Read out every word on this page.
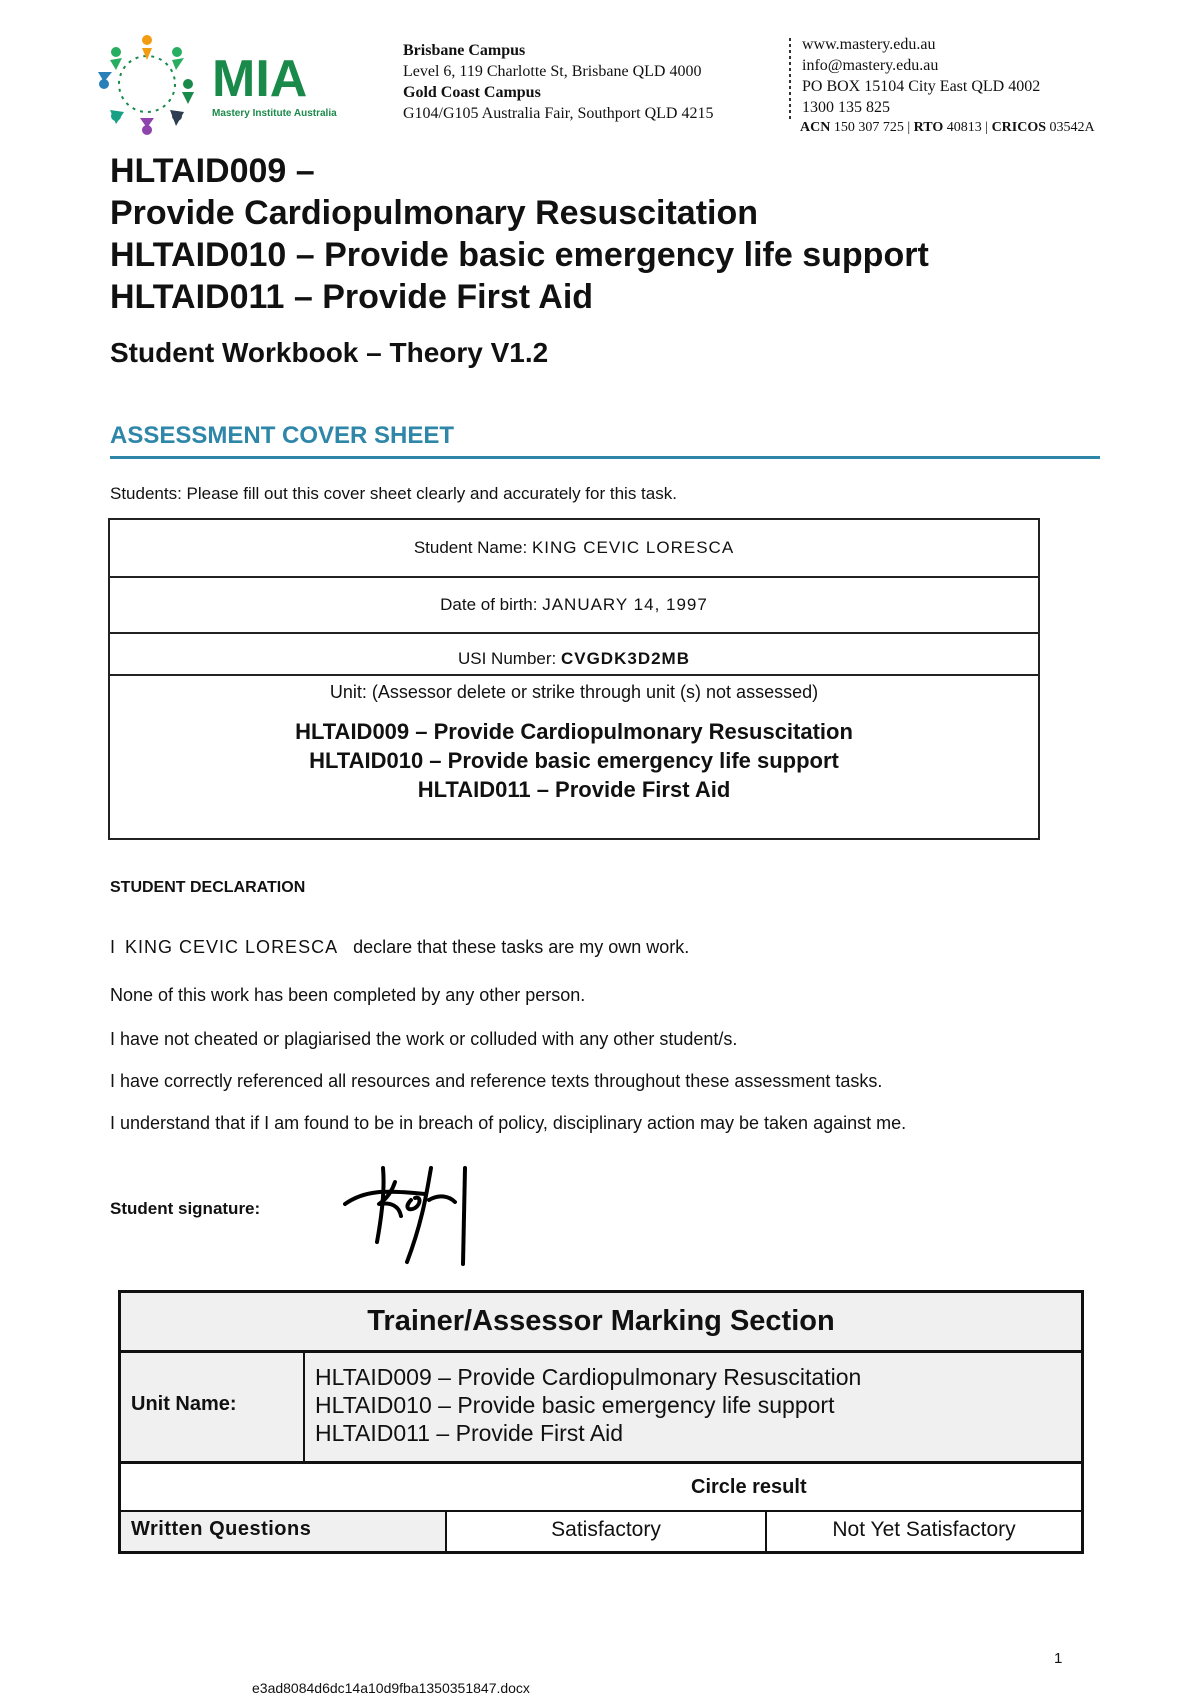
MIA
Mastery Institute Australia
Brisbane Campus
Level 6, 119 Charlotte St, Brisbane QLD 4000
Gold Coast Campus
G104/G105 Australia Fair, Southport QLD 4215
www.mastery.edu.au
info@mastery.edu.au
PO BOX 15104 City East QLD 4002
1300 135 825
ACN 150 307 725 | RTO 40813 | CRICOS 03542A
HLTAID009 –
Provide Cardiopulmonary Resuscitation
HLTAID010 – Provide basic emergency life support
HLTAID011 – Provide First Aid
Student Workbook – Theory V1.2
ASSESSMENT COVER SHEET
Students: Please fill out this cover sheet clearly and accurately for this task.
Student Name: KING CEVIC LORESCA
Date of birth: JANUARY 14, 1997
USI Number: CVGDK3D2MB
Unit: (Assessor delete or strike through unit (s) not assessed)
HLTAID009 – Provide Cardiopulmonary Resuscitation
HLTAID010 – Provide basic emergency life support
HLTAID011 – Provide First Aid
STUDENT DECLARATION
I KING CEVIC LORESCA declare that these tasks are my own work.
None of this work has been completed by any other person.
I have not cheated or plagiarised the work or colluded with any other student/s.
I have correctly referenced all resources and reference texts throughout these assessment tasks.
I understand that if I am found to be in breach of policy, disciplinary action may be taken against me.
Student signature:
Trainer/Assessor Marking Section
Unit Name:
HLTAID009 – Provide Cardiopulmonary Resuscitation
HLTAID010 – Provide basic emergency life support
HLTAID011 – Provide First Aid
Circle result
Written Questions	Satisfactory	Not Yet Satisfactory
1
e3ad8084d6dc14a10d9fba1350351847.docx
